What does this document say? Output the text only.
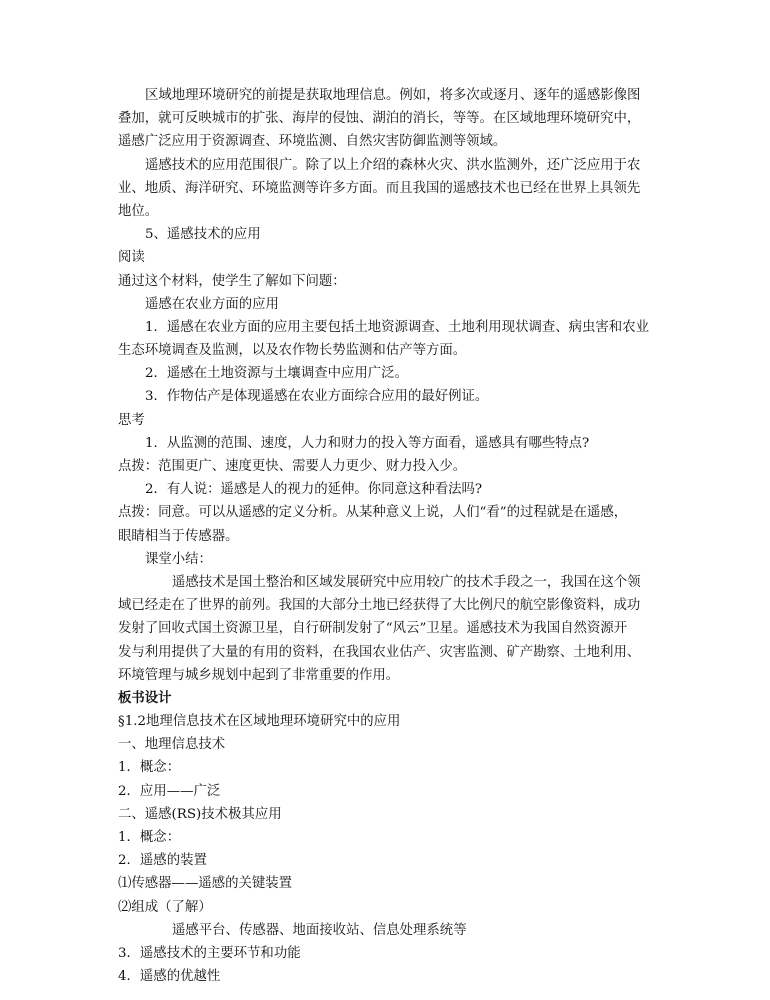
区域地理环境研究的前提是获取地理信息。例如，将多次或逐月、逐年的遥感影像图
叠加，就可反映城市的扩张、海岸的侵蚀、湖泊的消长，等等。在区域地理环境研究中，
遥感广泛应用于资源调查、环境监测、自然灾害防御监测等领域。
遥感技术的应用范围很广。除了以上介绍的森林火灾、洪水监测外，还广泛应用于农
业、地质、海洋研究、环境监测等许多方面。而且我国的遥感技术也已经在世界上具领先
地位。
5、遥感技术的应用
阅读
通过这个材料，使学生了解如下问题：
遥感在农业方面的应用
1．遥感在农业方面的应用主要包括土地资源调查、土地利用现状调查、病虫害和农业
生态环境调查及监测，以及农作物长势监测和估产等方面。
2．遥感在土地资源与土壤调查中应用广泛。
3．作物估产是体现遥感在农业方面综合应用的最好例证。
思考
1．从监测的范围、速度，人力和财力的投入等方面看，遥感具有哪些特点?
点拨：范围更广、速度更快、需要人力更少、财力投入少。
2．有人说：遥感是人的视力的延伸。你同意这种看法吗?
点拨：同意。可以从遥感的定义分析。从某种意义上说，人们“看”的过程就是在遥感，
眼睛相当于传感器。
课堂小结：
遥感技术是国土整治和区域发展研究中应用较广的技术手段之一，我国在这个领
域已经走在了世界的前列。我国的大部分土地已经获得了大比例尺的航空影像资料，成功
发射了回收式国土资源卫星，自行研制发射了“风云”卫星。遥感技术为我国自然资源开
发与利用提供了大量的有用的资料，在我国农业估产、灾害监测、矿产勘察、土地利用、
环境管理与城乡规划中起到了非常重要的作用。
板书设计
§1.2地理信息技术在区域地理环境研究中的应用
一、地理信息技术
1．概念：
2．应用——广泛
二、遥感(RS)技术极其应用
1．概念：
2．遥感的装置
⑴传感器——遥感的关键装置
⑵组成（了解）
遥感平台、传感器、地面接收站、信息处理系统等
3．遥感技术的主要环节和功能
4．遥感的优越性
